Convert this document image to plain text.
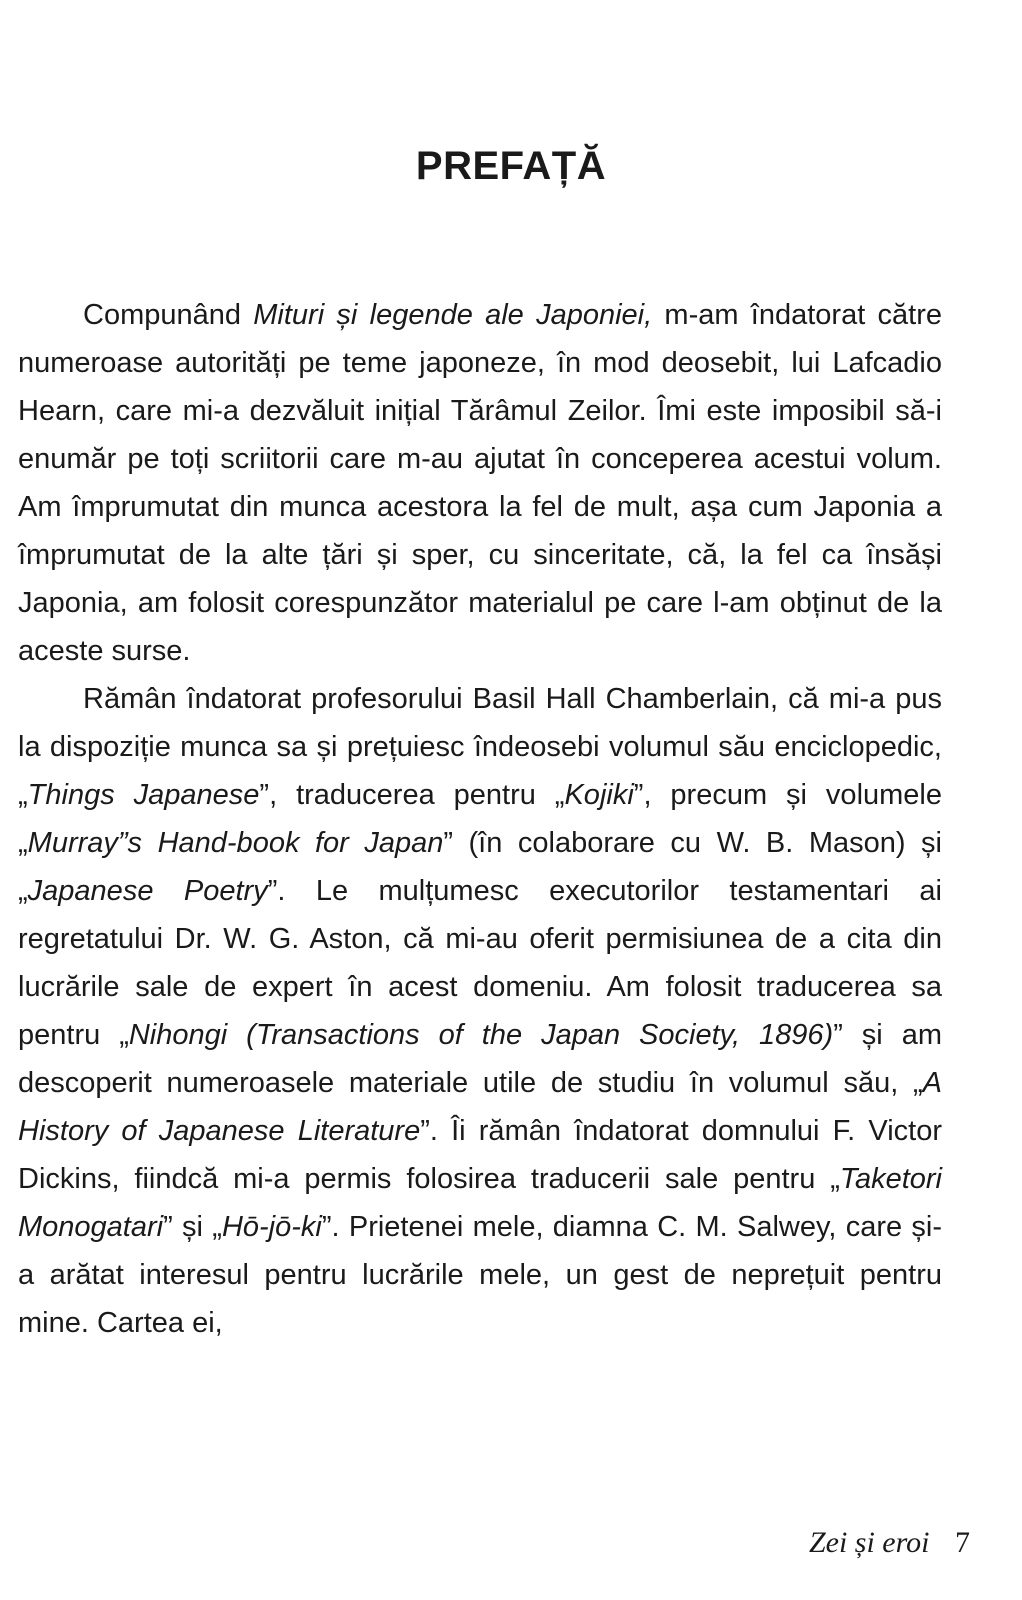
PREFAȚĂ

Compunând Mituri și legende ale Japoniei, m-am îndatorat către numeroase autorități pe teme japoneze, în mod deosebit, lui Lafcadio Hearn, care mi-a dezvăluit inițial Tărâmul Zeilor. Îmi este imposibil să-i enumăr pe toți scriitorii care m-au ajutat în conceperea acestui volum. Am împrumutat din munca acestora la fel de mult, așa cum Japonia a împrumutat de la alte țări și sper, cu sinceritate, că, la fel ca însăși Japonia, am folosit corespunzător materialul pe care l-am obținut de la aceste surse.

Rămân îndatorat profesorului Basil Hall Chamberlain, că mi-a pus la dispoziție munca sa și prețuiesc îndeosebi volumul său enciclopedic, „Things Japanese”, traducerea pentru „Kojiki”, precum și volumele „Murray”s Hand-book for Japan” (în colaborare cu W. B. Mason) și „Japanese Poetry”. Le mulțumesc executorilor testamentari ai regretatului Dr. W. G. Aston, că mi-au oferit permisiunea de a cita din lucrările sale de expert în acest domeniu. Am folosit traducerea sa pentru „Nihongi (Transactions of the Japan Society, 1896)” și am descoperit numeroasele materiale utile de studiu în volumul său, „A History of Japanese Literature”. Îi rămân îndatorat domnului F. Victor Dickins, fiindcă mi-a permis folosirea traducerii sale pentru „Taketori Monogatari” și „Hō-jō-ki”. Prietenei mele, diamna C. M. Salwey, care și-a arătat interesul pentru lucrările mele, un gest de neprețuit pentru mine. Cartea ei,

Zei și eroi 7
